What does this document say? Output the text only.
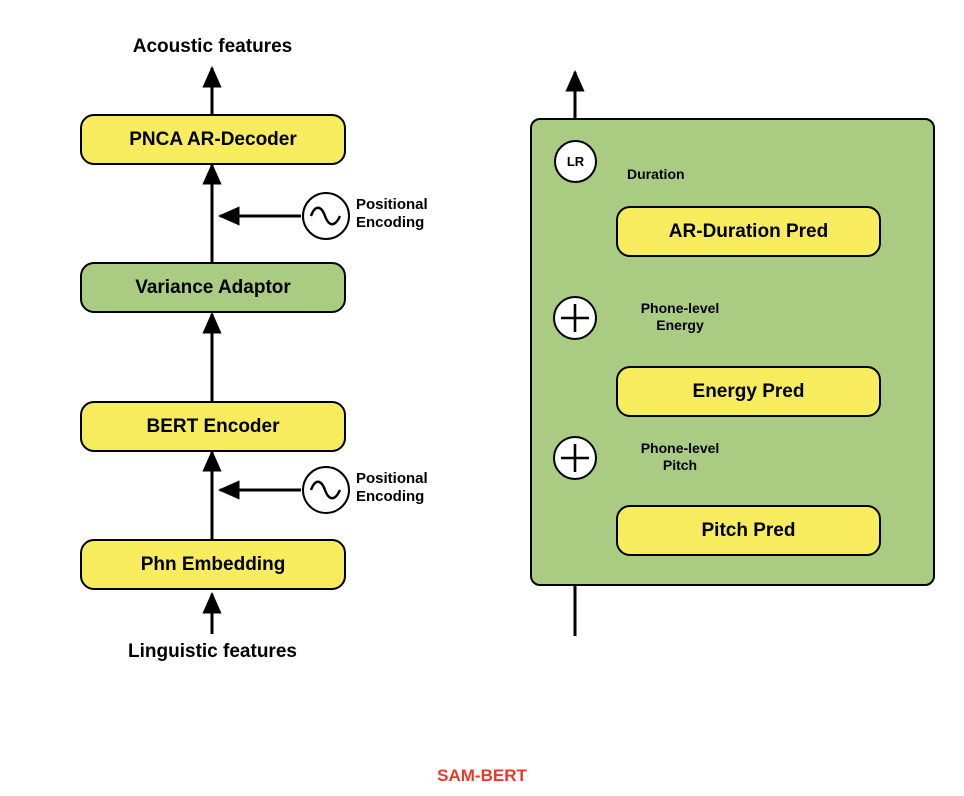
Acoustic features
Linguistic features
PNCA AR-Decoder
Variance Adaptor
BERT Encoder
Phn Embedding
Positional
Encoding
Positional
Encoding
LR
AR-Duration Pred
Energy Pred
Pitch Pred
Duration
Phone-level
Energy
Phone-level
Pitch
SAM-BERT
